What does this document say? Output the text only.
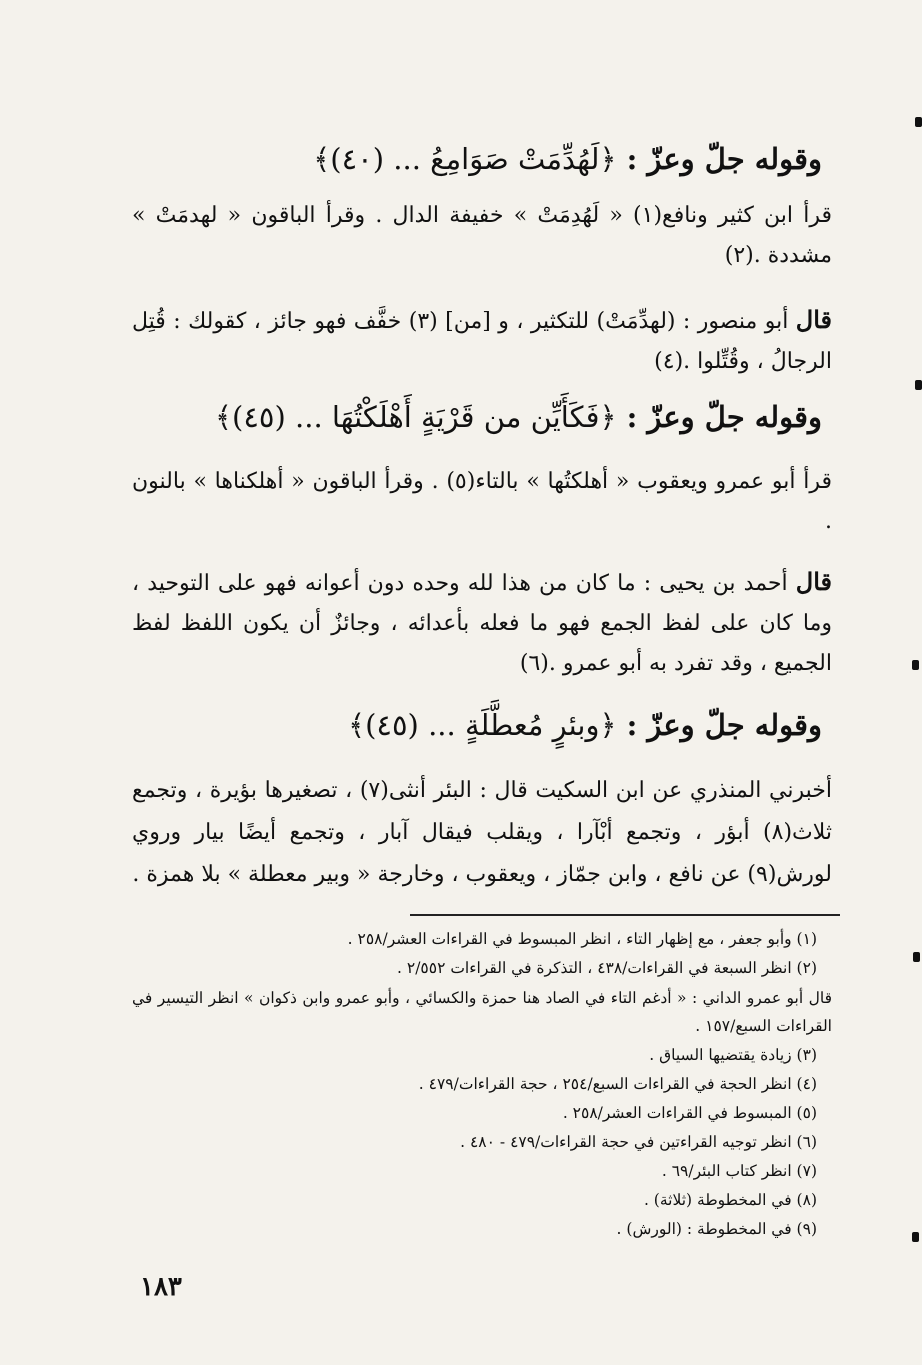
وقوله جلّ وعزّ : ﴿لَهُدِّمَتْ صَوَامِعُ ... (٤٠)﴾
قرأ ابن كثير ونافع(١) « لَهُدِمَتْ » خفيفة الدال . وقرأ الباقون « لهدمَتْ » مشددة .(٢)
قال أبو منصور : (لهدِّمَتْ) للتكثير ، و [من] (٣) خفَّف فهو جائز ، كقولك : قُتِل الرجالُ ، وقُتِّلوا .(٤)
وقوله جلّ وعزّ : ﴿فَكَأَيِّن من قَرْيَةٍ أَهْلَكْتُهَا ... (٤٥)﴾
قرأ أبو عمرو ويعقوب « أهلكتُها » بالتاء(٥) . وقرأ الباقون « أهلكناها » بالنون .
قال أحمد بن يحيى : ما كان من هذا لله وحده دون أعوانه فهو على التوحيد ، وما كان على لفظ الجمع فهو ما فعله بأعدائه ، وجائزٌ أن يكون اللفظ لفظ الجميع ، وقد تفرد به أبو عمرو .(٦)
وقوله جلّ وعزّ : ﴿وبئرٍ مُعطَّلَةٍ ... (٤٥)﴾
أخبرني المنذري عن ابن السكيت قال : البئر أنثى(٧) ، تصغيرها بؤيرة ، وتجمع ثلاث(٨) أبؤر ، وتجمع أبْآرا ، ويقلب فيقال آبار ، وتجمع أيضًا بيار وروي لورش(٩) عن نافع ، وابن جمّاز ، ويعقوب ، وخارجة « وبير معطلة » بلا همزة .
(١) وأبو جعفر ، مع إظهار التاء ، انظر المبسوط في القراءات العشر/٢٥٨ .
(٢) انظر السبعة في القراءات/٤٣٨ ، التذكرة في القراءات ٢/٥٥٢ .
قال أبو عمرو الداني : « أدغم التاء في الصاد هنا حمزة والكسائي ، وأبو عمرو وابن ذكوان » انظر التيسير في القراءات السبع/١٥٧ .
(٣) زيادة يقتضيها السياق .
(٤) انظر الحجة في القراءات السبع/٢٥٤ ، حجة القراءات/٤٧٩ .
(٥) المبسوط في القراءات العشر/٢٥٨ .
(٦) انظر توجيه القراءتين في حجة القراءات/٤٧٩ - ٤٨٠ .
(٧) انظر كتاب البئر/٦٩ .
(٨) في المخطوطة (ثلاثة) .
(٩) في المخطوطة : (الورش) .
١٨٣
